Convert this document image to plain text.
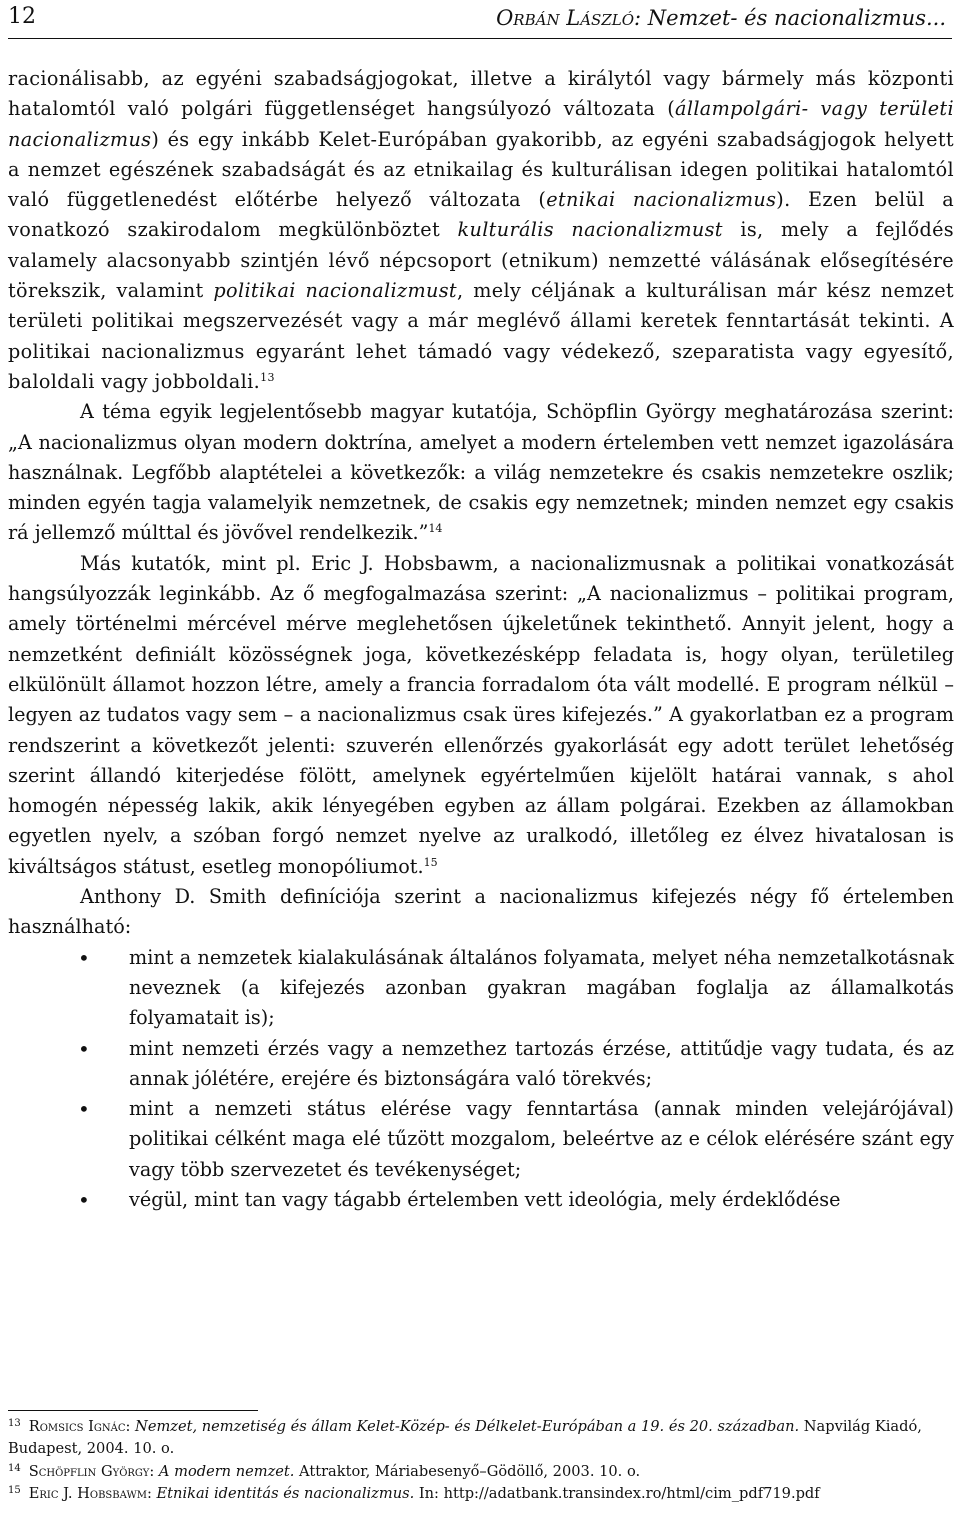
12	Orbán László: Nemzet- és nacionalizmus...

racionálisabb, az egyéni szabadságjogokat, illetve a királytól vagy bármely más központi hatalomtól való polgári függetlenséget hangsúlyozó változata (állampolgári- vagy területi nacionalizmus) és egy inkább Kelet-Európában gyakoribb, az egyéni szabadságjogok helyett a nemzet egészének szabadságát és az etnikailag és kulturálisan idegen politikai hatalomtól való függetlenedést előtérbe helyező változata (etnikai nacionalizmus). Ezen belül a vonatkozó szakirodalom megkülönböztet kulturális nacionalizmust is, mely a fejlődés valamely alacsonyabb szintjén lévő népcsoport (etnikum) nemzetté válásának elősegítésére törekszik, valamint politikai nacionalizmust, mely céljának a kulturálisan már kész nemzet területi politikai megszervezését vagy a már meglévő állami keretek fenntartását tekinti. A politikai nacionalizmus egyaránt lehet támadó vagy védekező, szeparatista vagy egyesítő, baloldali vagy jobboldali.$^{13}$

A téma egyik legjelentősebb magyar kutatója, Schöpflin György meghatározása szerint: „A nacionalizmus olyan modern doktrína, amelyet a modern értelemben vett nemzet igazolására használnak. Legfőbb alaptételei a következők: a világ nemzetekre és csakis nemzetekre oszlik; minden egyén tagja valamelyik nemzetnek, de csakis egy nemzetnek; minden nemzet egy csakis rá jellemző múlttal és jövővel rendelkezik.”$^{14}$

Más kutatók, mint pl. Eric J. Hobsbawm, a nacionalizmusnak a politikai vonatkozását hangsúlyozzák leginkább. Az ő megfogalmazása szerint: „A nacionalizmus – politikai program, amely történelmi mércével mérve meglehetősen újkeletűnek tekinthető. Annyit jelent, hogy a nemzetként definiált közösségnek joga, következésképp feladata is, hogy olyan, területileg elkülönült államot hozzon létre, amely a francia forradalom óta vált modellé. E program nélkül – legyen az tudatos vagy sem – a nacionalizmus csak üres kifejezés.” A gyakorlatban ez a program rendszerint a következőt jelenti: szuverén ellenőrzés gyakorlását egy adott terület lehetőség szerint állandó kiterjedése fölött, amelynek egyértelműen kijelölt határai vannak, s ahol homogén népesség lakik, akik lényegében egyben az állam polgárai. Ezekben az államokban egyetlen nyelv, a szóban forgó nemzet nyelve az uralkodó, illetőleg ez élvez hivatalosan is kiváltságos státust, esetleg monopóliumot.$^{15}$

Anthony D. Smith definíciója szerint a nacionalizmus kifejezés négy fő értelemben használható:

• mint a nemzetek kialakulásának általános folyamata, melyet néha nemzetalkotásnak neveznek (a kifejezés azonban gyakran magában foglalja az államalkotás folyamatait is);
• mint nemzeti érzés vagy a nemzethez tartozás érzése, attitűdje vagy tudata, és az annak jólétére, erejére és biztonságára való törekvés;
• mint a nemzeti státus elérése vagy fenntartása (annak minden velejárójával) politikai célként maga elé tűzött mozgalom, beleértve az e célok elérésére szánt egy vagy több szervezetet és tevékenységet;
• végül, mint tan vagy tágabb értelemben vett ideológia, mely érdeklődése

$^{13}$ Romsics Ignác: Nemzet, nemzetiség és állam Kelet-Közép- és Délkelet-Európában a 19. és 20. században. Napvilág Kiadó, Budapest, 2004. 10. o.

$^{14}$ Schöpflin György: A modern nemzet. Attraktor, Máriabesenyő–Gödöllő, 2003. 10. o.

$^{15}$ Eric J. Hobsbawm: Etnikai identitás és nacionalizmus. In: http://adatbank.transindex.ro/html/cim_pdf719.pdf
